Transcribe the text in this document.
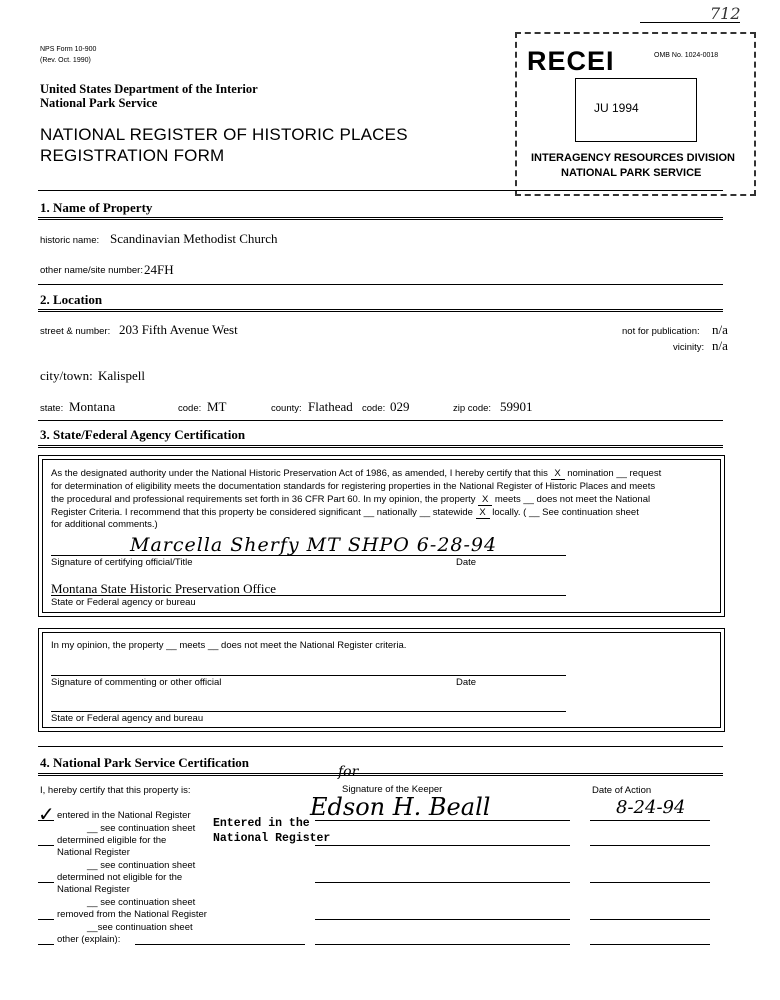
NPS Form 10-900
(Rev. Oct. 1990)
United States Department of the Interior
National Park Service
NATIONAL REGISTER OF HISTORIC PLACES
REGISTRATION FORM
712
RECEI	OMB No. 1024-0018
JU 1994
INTERAGENCY RESOURCES DIVISION
NATIONAL PARK SERVICE
1. Name of Property
historic name: Scandinavian Methodist Church
other name/site number: 24FH
2. Location
street & number: 203 Fifth Avenue West	not for publication: n/a
vicinity: n/a
city/town: Kalispell
state: Montana	code: MT	county: Flathead code: 029	zip code: 59901
3. State/Federal Agency Certification
As the designated authority under the National Historic Preservation Act of 1986, as amended, I hereby certify that this X nomination __ request
for determination of eligibility meets the documentation standards for registering properties in the National Register of Historic Places and meets
the procedural and professional requirements set forth in 36 CFR Part 60. In my opinion, the property X meets __ does not meet the National
Register Criteria. I recommend that this property be considered significant __ nationally __ statewide X locally. ( __ See continuation sheet
for additional comments.)
Marcella Sherfy MT SHPO 6-28-94
Signature of certifying official/Title	Date
Montana State Historic Preservation Office
State or Federal agency or bureau
In my opinion, the property __ meets __ does not meet the National Register criteria.
Signature of commenting or other official	Date
State or Federal agency and bureau
4. National Park Service Certification
I, hereby certify that this property is:	Signature of the Keeper	Date of Action
for
Edson H. Beall	8-24-94
Entered in the
National Register
✓ entered in the National Register
__ see continuation sheet
determined eligible for the
National Register
__ see continuation sheet
determined not eligible for the
National Register
__ see continuation sheet
removed from the National Register
__see continuation sheet
other (explain):
